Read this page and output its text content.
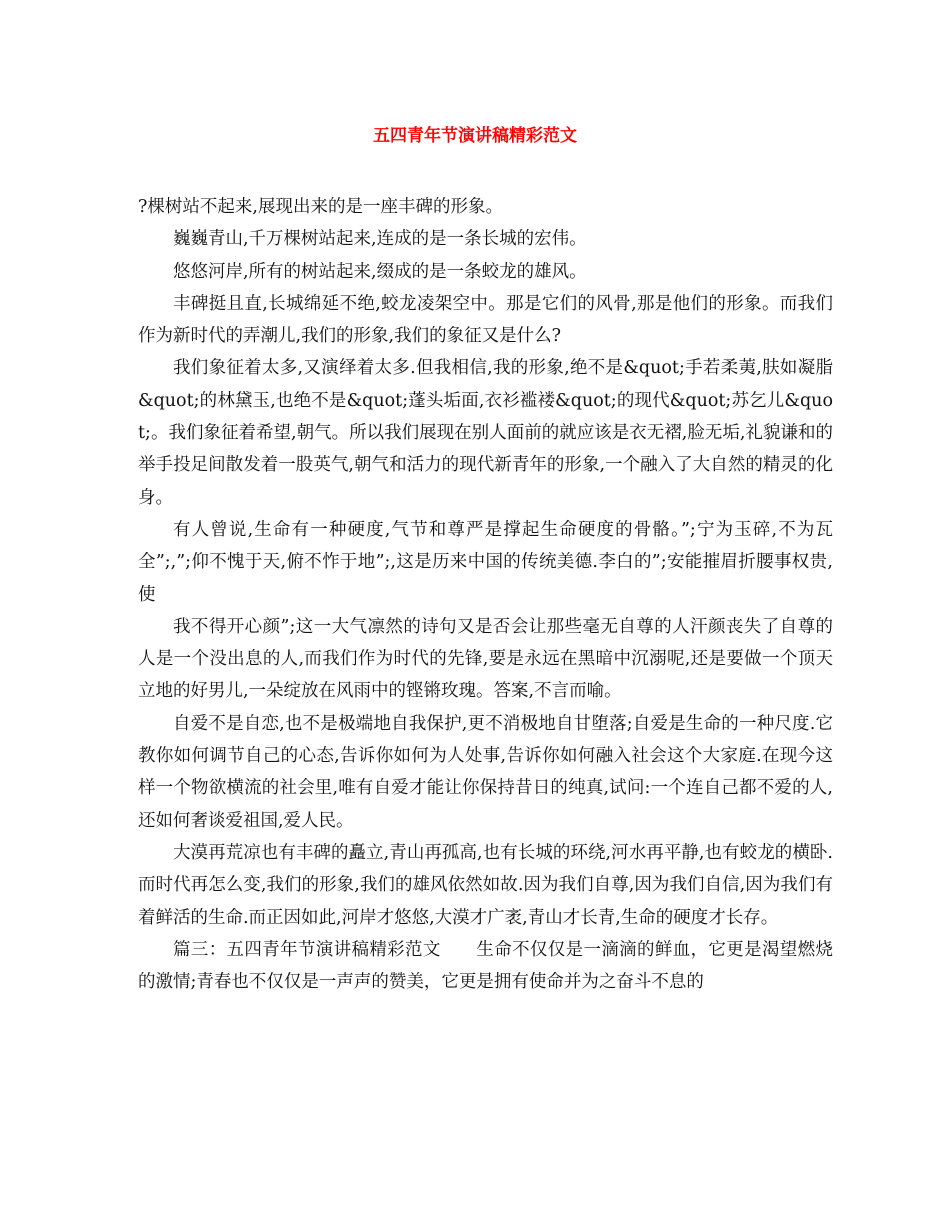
五四青年节演讲稿精彩范文

?棵树站不起来,展现出来的是一座丰碑的形象。

巍巍青山,千万棵树站起来,连成的是一条长城的宏伟。

悠悠河岸,所有的树站起来,缀成的是一条蛟龙的雄风。

丰碑挺且直,长城绵延不绝,蛟龙凌架空中。那是它们的风骨,那是他们的形象。而我们作为新时代的弄潮儿,我们的形象,我们的象征又是什么?

我们象征着太多,又演绎着太多.但我相信,我的形象,绝不是&quot;手若柔荑,肤如凝脂&quot;的林黛玉,也绝不是&quot;蓬头垢面,衣衫褴褛&quot;的现代&quot;苏乞儿&quot;。我们象征着希望,朝气。所以我们展现在别人面前的就应该是衣无褶,脸无垢,礼貌谦和的举手投足间散发着一股英气,朝气和活力的现代新青年的形象,一个融入了大自然的精灵的化身。

有人曾说,生命有一种硬度,气节和尊严是撑起生命硬度的骨骼。”;宁为玉碎,不为瓦全”;,”;仰不愧于天,俯不怍于地”;,这是历来中国的传统美德.李白的”;安能摧眉折腰事权贵,使

我不得开心颜”;这一大气凛然的诗句又是否会让那些毫无自尊的人汗颜丧失了自尊的人是一个没出息的人,而我们作为时代的先锋,要是永远在黑暗中沉溺呢,还是要做一个顶天立地的好男儿,一朵绽放在风雨中的铿锵玫瑰。答案,不言而喻。

自爱不是自恋,也不是极端地自我保护,更不消极地自甘堕落;自爱是生命的一种尺度.它教你如何调节自己的心态,告诉你如何为人处事,告诉你如何融入社会这个大家庭.在现今这样一个物欲横流的社会里,唯有自爱才能让你保持昔日的纯真,试问:一个连自己都不爱的人,还如何奢谈爱祖国,爱人民。

大漠再荒凉也有丰碑的矗立,青山再孤高,也有长城的环绕,河水再平静,也有蛟龙的横卧.而时代再怎么变,我们的形象,我们的雄风依然如故.因为我们自尊,因为我们自信,因为我们有着鲜活的生命.而正因如此,河岸才悠悠,大漠才广袤,青山才长青,生命的硬度才长存。

篇三：五四青年节演讲稿精彩范文　　生命不仅仅是一滴滴的鲜血，它更是渴望燃烧的激情;青春也不仅仅是一声声的赞美，它更是拥有使命并为之奋斗不息的
